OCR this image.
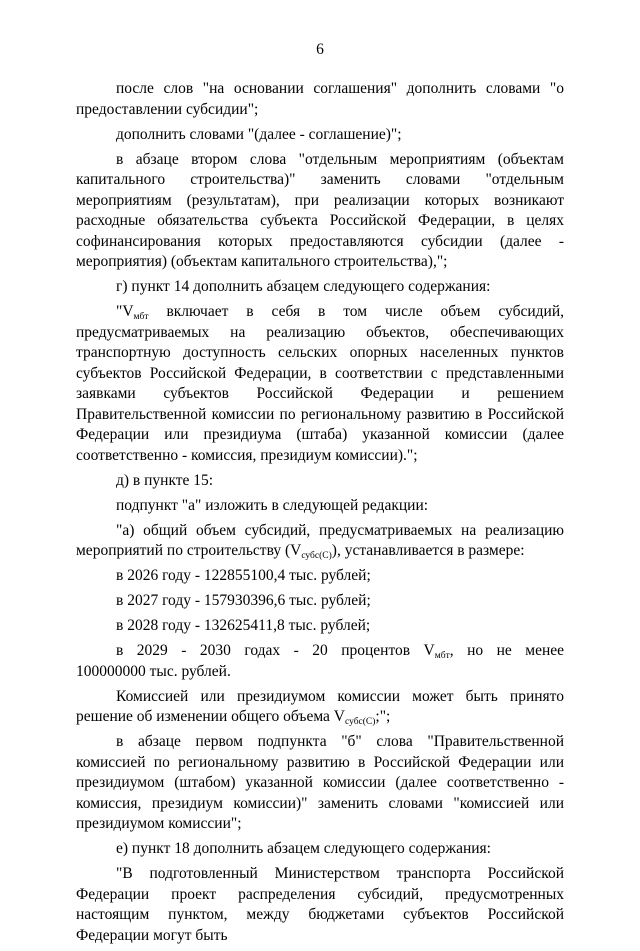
6
после слов "на основании соглашения" дополнить словами "о предоставлении субсидии";
дополнить словами "(далее - соглашение)";
в абзаце втором слова "отдельным мероприятиям (объектам капитального строительства)" заменить словами "отдельным мероприятиям (результатам), при реализации которых возникают расходные обязательства субъекта Российской Федерации, в целях софинансирования которых предоставляются субсидии (далее - мероприятия) (объектам капитального строительства),";
г) пункт 14 дополнить абзацем следующего содержания:
"$V_{мбт}$ включает в себя в том числе объем субсидий, предусматриваемых на реализацию объектов, обеспечивающих транспортную доступность сельских опорных населенных пунктов субъектов Российской Федерации, в соответствии с представленными заявками субъектов Российской Федерации и решением Правительственной комиссии по региональному развитию в Российской Федерации или президиума (штаба) указанной комиссии (далее соответственно - комиссия, президиум комиссии).";
д) в пункте 15:
подпункт "а" изложить в следующей редакции:
"а) общий объем субсидий, предусматриваемых на реализацию мероприятий по строительству $(V_{субс(С)})$, устанавливается в размере:
в 2026 году - 122855100,4 тыс. рублей;
в 2027 году - 157930396,6 тыс. рублей;
в 2028 году - 132625411,8 тыс. рублей;
в 2029 - 2030 годах - 20 процентов $V_{мбт}$, но не менее
100000000 тыс. рублей.
Комиссией или президиумом комиссии может быть принято решение об изменении общего объема $V_{субс(С)}$;";
в абзаце первом подпункта "б" слова "Правительственной комиссией по региональному развитию в Российской Федерации или президиумом (штабом) указанной комиссии (далее соответственно - комиссия, президиум комиссии)" заменить словами "комиссией или президиумом комиссии";
е) пункт 18 дополнить абзацем следующего содержания:
"В подготовленный Министерством транспорта Российской Федерации проект распределения субсидий, предусмотренных настоящим пунктом, между бюджетами субъектов Российской Федерации могут быть
